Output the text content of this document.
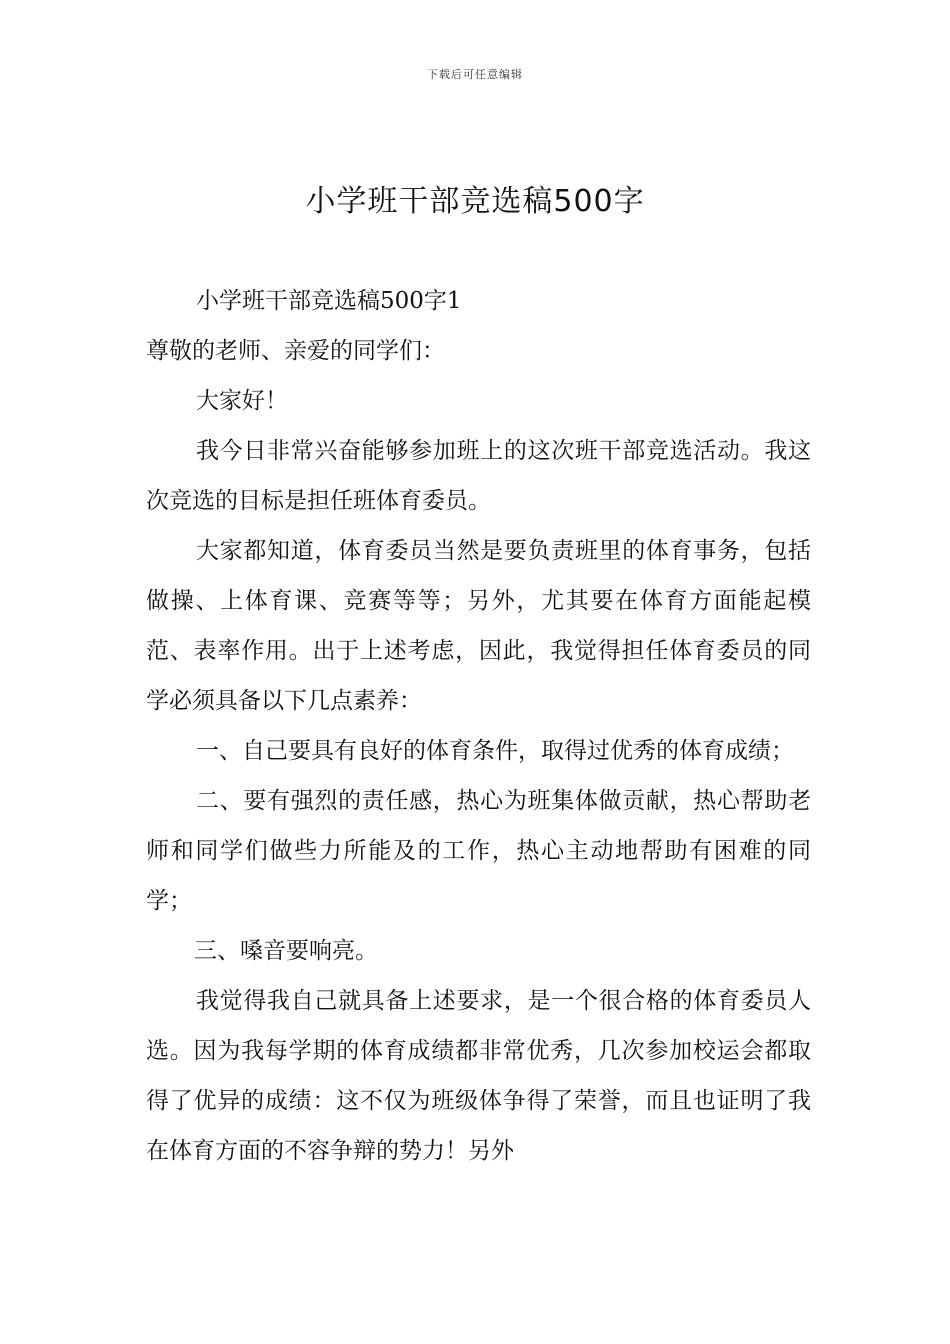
下载后可任意编辑
小学班干部竞选稿500字

小学班干部竞选稿500字1

尊敬的老师、亲爱的同学们：

大家好！

我今日非常兴奋能够参加班上的这次班干部竞选活动。我这次竞选的目标是担任班体育委员。

大家都知道，体育委员当然是要负责班里的体育事务，包括做操、上体育课、竞赛等等；另外，尤其要在体育方面能起模范、表率作用。出于上述考虑，因此，我觉得担任体育委员的同学必须具备以下几点素养：

一、自己要具有良好的体育条件，取得过优秀的体育成绩；

二、要有强烈的责任感，热心为班集体做贡献，热心帮助老师和同学们做些力所能及的工作，热心主动地帮助有困难的同学；

三、嗓音要响亮。

我觉得我自己就具备上述要求，是一个很合格的体育委员人选。因为我每学期的体育成绩都非常优秀，几次参加校运会都取得了优异的成绩：这不仅为班级体争得了荣誉，而且也证明了我在体育方面的不容争辩的势力！另外
